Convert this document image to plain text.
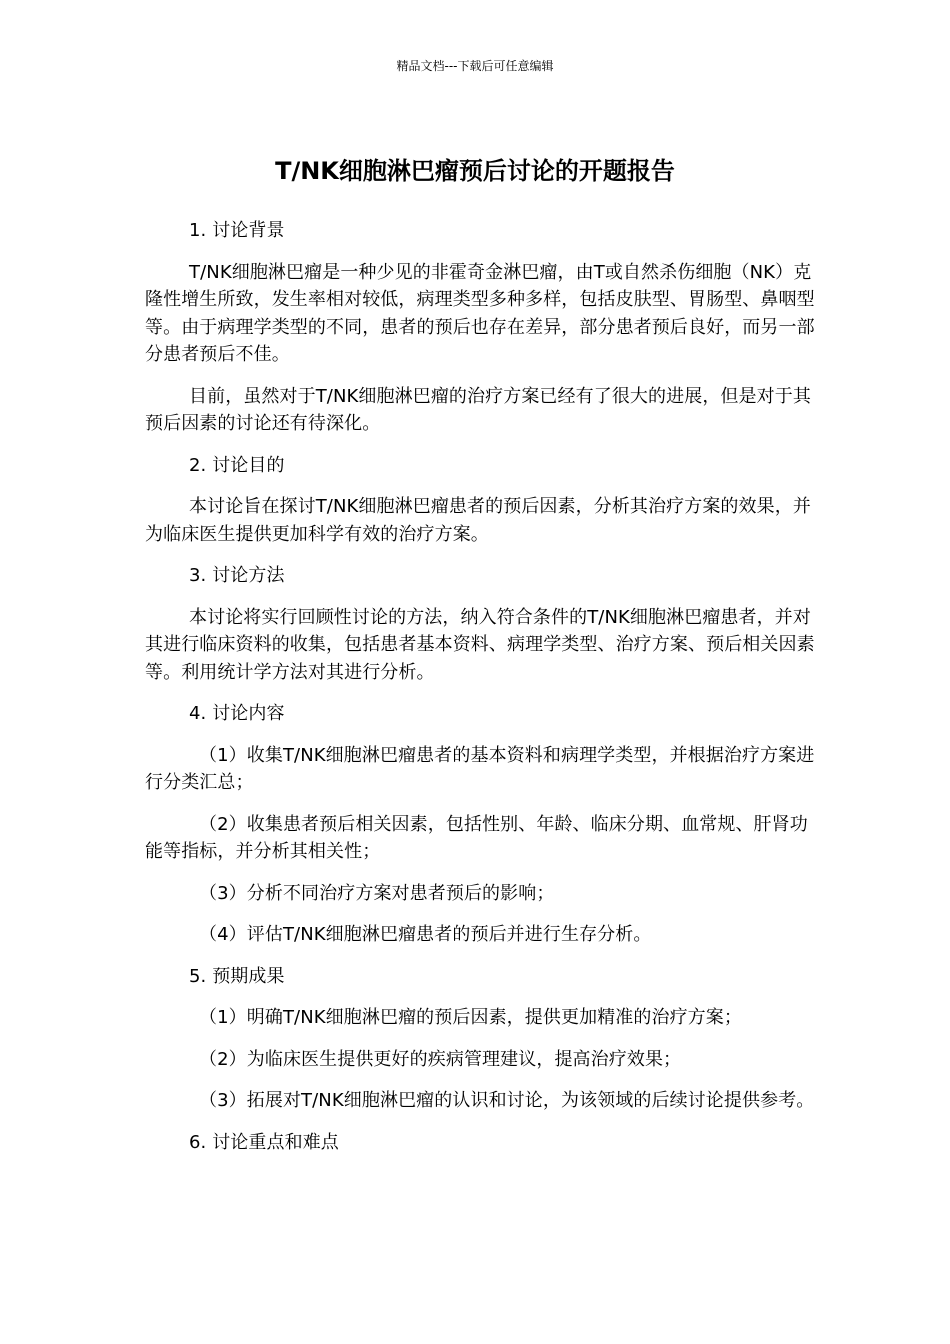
精品文档---下载后可任意编辑
T/NK细胞淋巴瘤预后讨论的开题报告

1. 讨论背景

T/NK细胞淋巴瘤是一种少见的非霍奇金淋巴瘤，由T或自然杀伤细胞（NK）克隆性增生所致，发生率相对较低，病理类型多种多样，包括皮肤型、胃肠型、鼻咽型等。由于病理学类型的不同，患者的预后也存在差异，部分患者预后良好，而另一部分患者预后不佳。

目前，虽然对于T/NK细胞淋巴瘤的治疗方案已经有了很大的进展，但是对于其预后因素的讨论还有待深化。

2. 讨论目的

本讨论旨在探讨T/NK细胞淋巴瘤患者的预后因素，分析其治疗方案的效果，并为临床医生提供更加科学有效的治疗方案。

3. 讨论方法

本讨论将实行回顾性讨论的方法，纳入符合条件的T/NK细胞淋巴瘤患者，并对其进行临床资料的收集，包括患者基本资料、病理学类型、治疗方案、预后相关因素等。利用统计学方法对其进行分析。

4. 讨论内容

（1）收集T/NK细胞淋巴瘤患者的基本资料和病理学类型，并根据治疗方案进行分类汇总；

（2）收集患者预后相关因素，包括性别、年龄、临床分期、血常规、肝肾功能等指标，并分析其相关性；

（3）分析不同治疗方案对患者预后的影响；

（4）评估T/NK细胞淋巴瘤患者的预后并进行生存分析。

5. 预期成果

（1）明确T/NK细胞淋巴瘤的预后因素，提供更加精准的治疗方案；

（2）为临床医生提供更好的疾病管理建议，提高治疗效果；

（3）拓展对T/NK细胞淋巴瘤的认识和讨论，为该领域的后续讨论提供参考。

6. 讨论重点和难点
